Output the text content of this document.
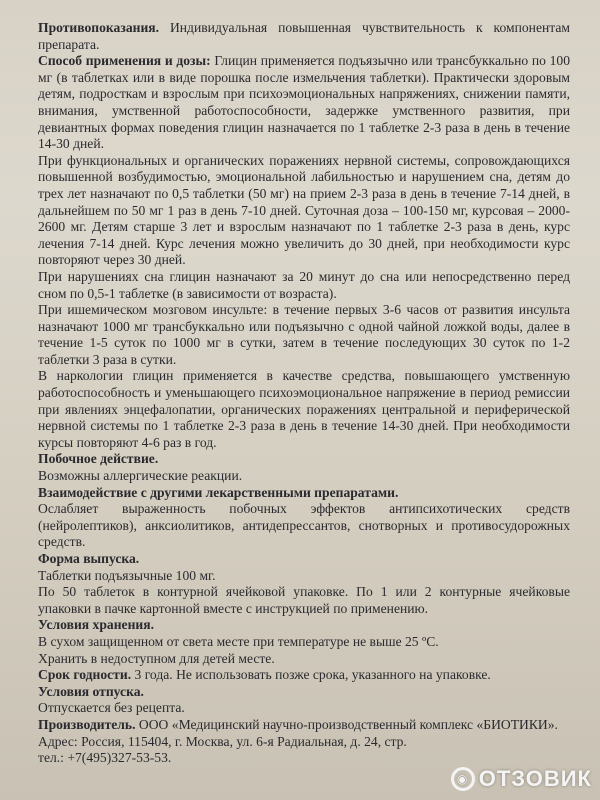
Противопоказания. Индивидуальная повышенная чувствительность к компонентам препарата.

Способ применения и дозы: Глицин применяется подъязычно или трансбуккально по 100 мг (в таблетках или в виде порошка после измельчения таблетки). Практически здоровым детям, подросткам и взрослым при психоэмоциональных напряжениях, снижении памяти, внимания, умственной работоспособности, задержке умственного развития, при девиантных формах поведения глицин назначается по 1 таблетке 2-3 раза в день в течение 14-30 дней.

При функциональных и органических поражениях нервной системы, сопровождающихся повышенной возбудимостью, эмоциональной лабильностью и нарушением сна, детям до трех лет назначают по 0,5 таблетки (50 мг) на прием 2-3 раза в день в течение 7-14 дней, в дальнейшем по 50 мг 1 раз в день 7-10 дней. Суточная доза – 100-150 мг, курсовая – 2000-2600 мг. Детям старше 3 лет и взрослым назначают по 1 таблетке 2-3 раза в день, курс лечения 7-14 дней. Курс лечения можно увеличить до 30 дней, при необходимости курс повторяют через 30 дней.

При нарушениях сна глицин назначают за 20 минут до сна или непосредственно перед сном по 0,5-1 таблетке (в зависимости от возраста).

При ишемическом мозговом инсульте: в течение первых 3-6 часов от развития инсульта назначают 1000 мг трансбуккально или подъязычно с одной чайной ложкой воды, далее в течение 1-5 суток по 1000 мг в сутки, затем в течение последующих 30 суток по 1-2 таблетки 3 раза в сутки.

В наркологии глицин применяется в качестве средства, повышающего умственную работоспособность и уменьшающего психоэмоциональное напряжение в период ремиссии при явлениях энцефалопатии, органических поражениях центральной и периферической нервной системы по 1 таблетке 2-3 раза в день в течение 14-30 дней. При необходимости курсы повторяют 4-6 раз в год.

Побочное действие.

Возможны аллергические реакции.

Взаимодействие с другими лекарственными препаратами.

Ослабляет выраженность побочных эффектов антипсихотических средств (нейролептиков), анксиолитиков, антидепрессантов, снотворных и противосудорожных средств.

Форма выпуска.

Таблетки подъязычные 100 мг.

По 50 таблеток в контурной ячейковой упаковке. По 1 или 2 контурные ячейковые упаковки в пачке картонной вместе с инструкцией по применению.

Условия хранения.

В сухом защищенном от света месте при температуре не выше 25 ºС.

Хранить в недоступном для детей месте.

Срок годности. 3 года. Не использовать позже срока, указанного на упаковке.

Условия отпуска.

Отпускается без рецепта.

Производитель. ООО «Медицинский научно-производственный комплекс «БИОТИКИ».

Адрес: Россия, 115404, г. Москва, ул. 6-я Радиальная, д. 24, стр.

тел.: +7(495)327-53-53.

◉ ОТЗОВИК
